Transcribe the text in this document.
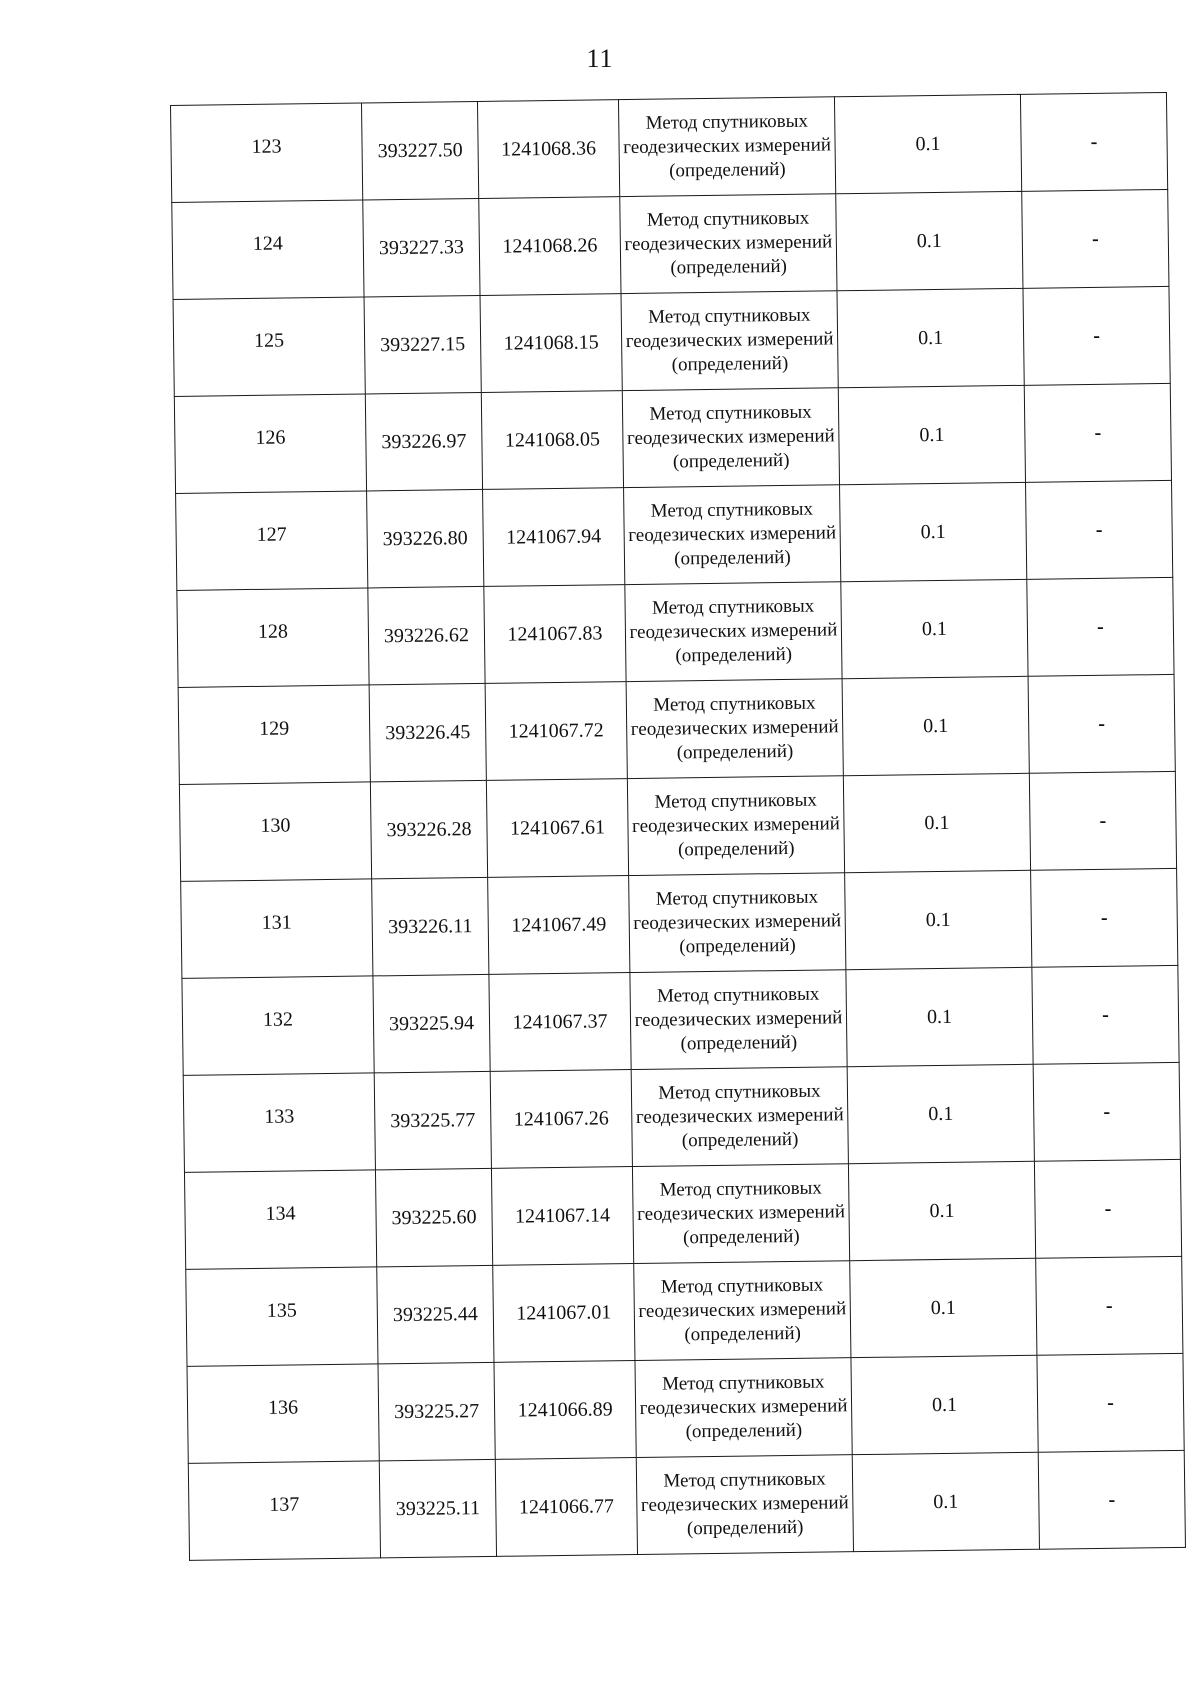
11
123	393227.50	1241068.36	Метод спутниковых геодезических измерений (определений)	0.1	-
124	393227.33	1241068.26	Метод спутниковых геодезических измерений (определений)	0.1	-
125	393227.15	1241068.15	Метод спутниковых геодезических измерений (определений)	0.1	-
126	393226.97	1241068.05	Метод спутниковых геодезических измерений (определений)	0.1	-
127	393226.80	1241067.94	Метод спутниковых геодезических измерений (определений)	0.1	-
128	393226.62	1241067.83	Метод спутниковых геодезических измерений (определений)	0.1	-
129	393226.45	1241067.72	Метод спутниковых геодезических измерений (определений)	0.1	-
130	393226.28	1241067.61	Метод спутниковых геодезических измерений (определений)	0.1	-
131	393226.11	1241067.49	Метод спутниковых геодезических измерений (определений)	0.1	-
132	393225.94	1241067.37	Метод спутниковых геодезических измерений (определений)	0.1	-
133	393225.77	1241067.26	Метод спутниковых геодезических измерений (определений)	0.1	-
134	393225.60	1241067.14	Метод спутниковых геодезических измерений (определений)	0.1	-
135	393225.44	1241067.01	Метод спутниковых геодезических измерений (определений)	0.1	-
136	393225.27	1241066.89	Метод спутниковых геодезических измерений (определений)	0.1	-
137	393225.11	1241066.77	Метод спутниковых геодезических измерений (определений)	0.1	-
